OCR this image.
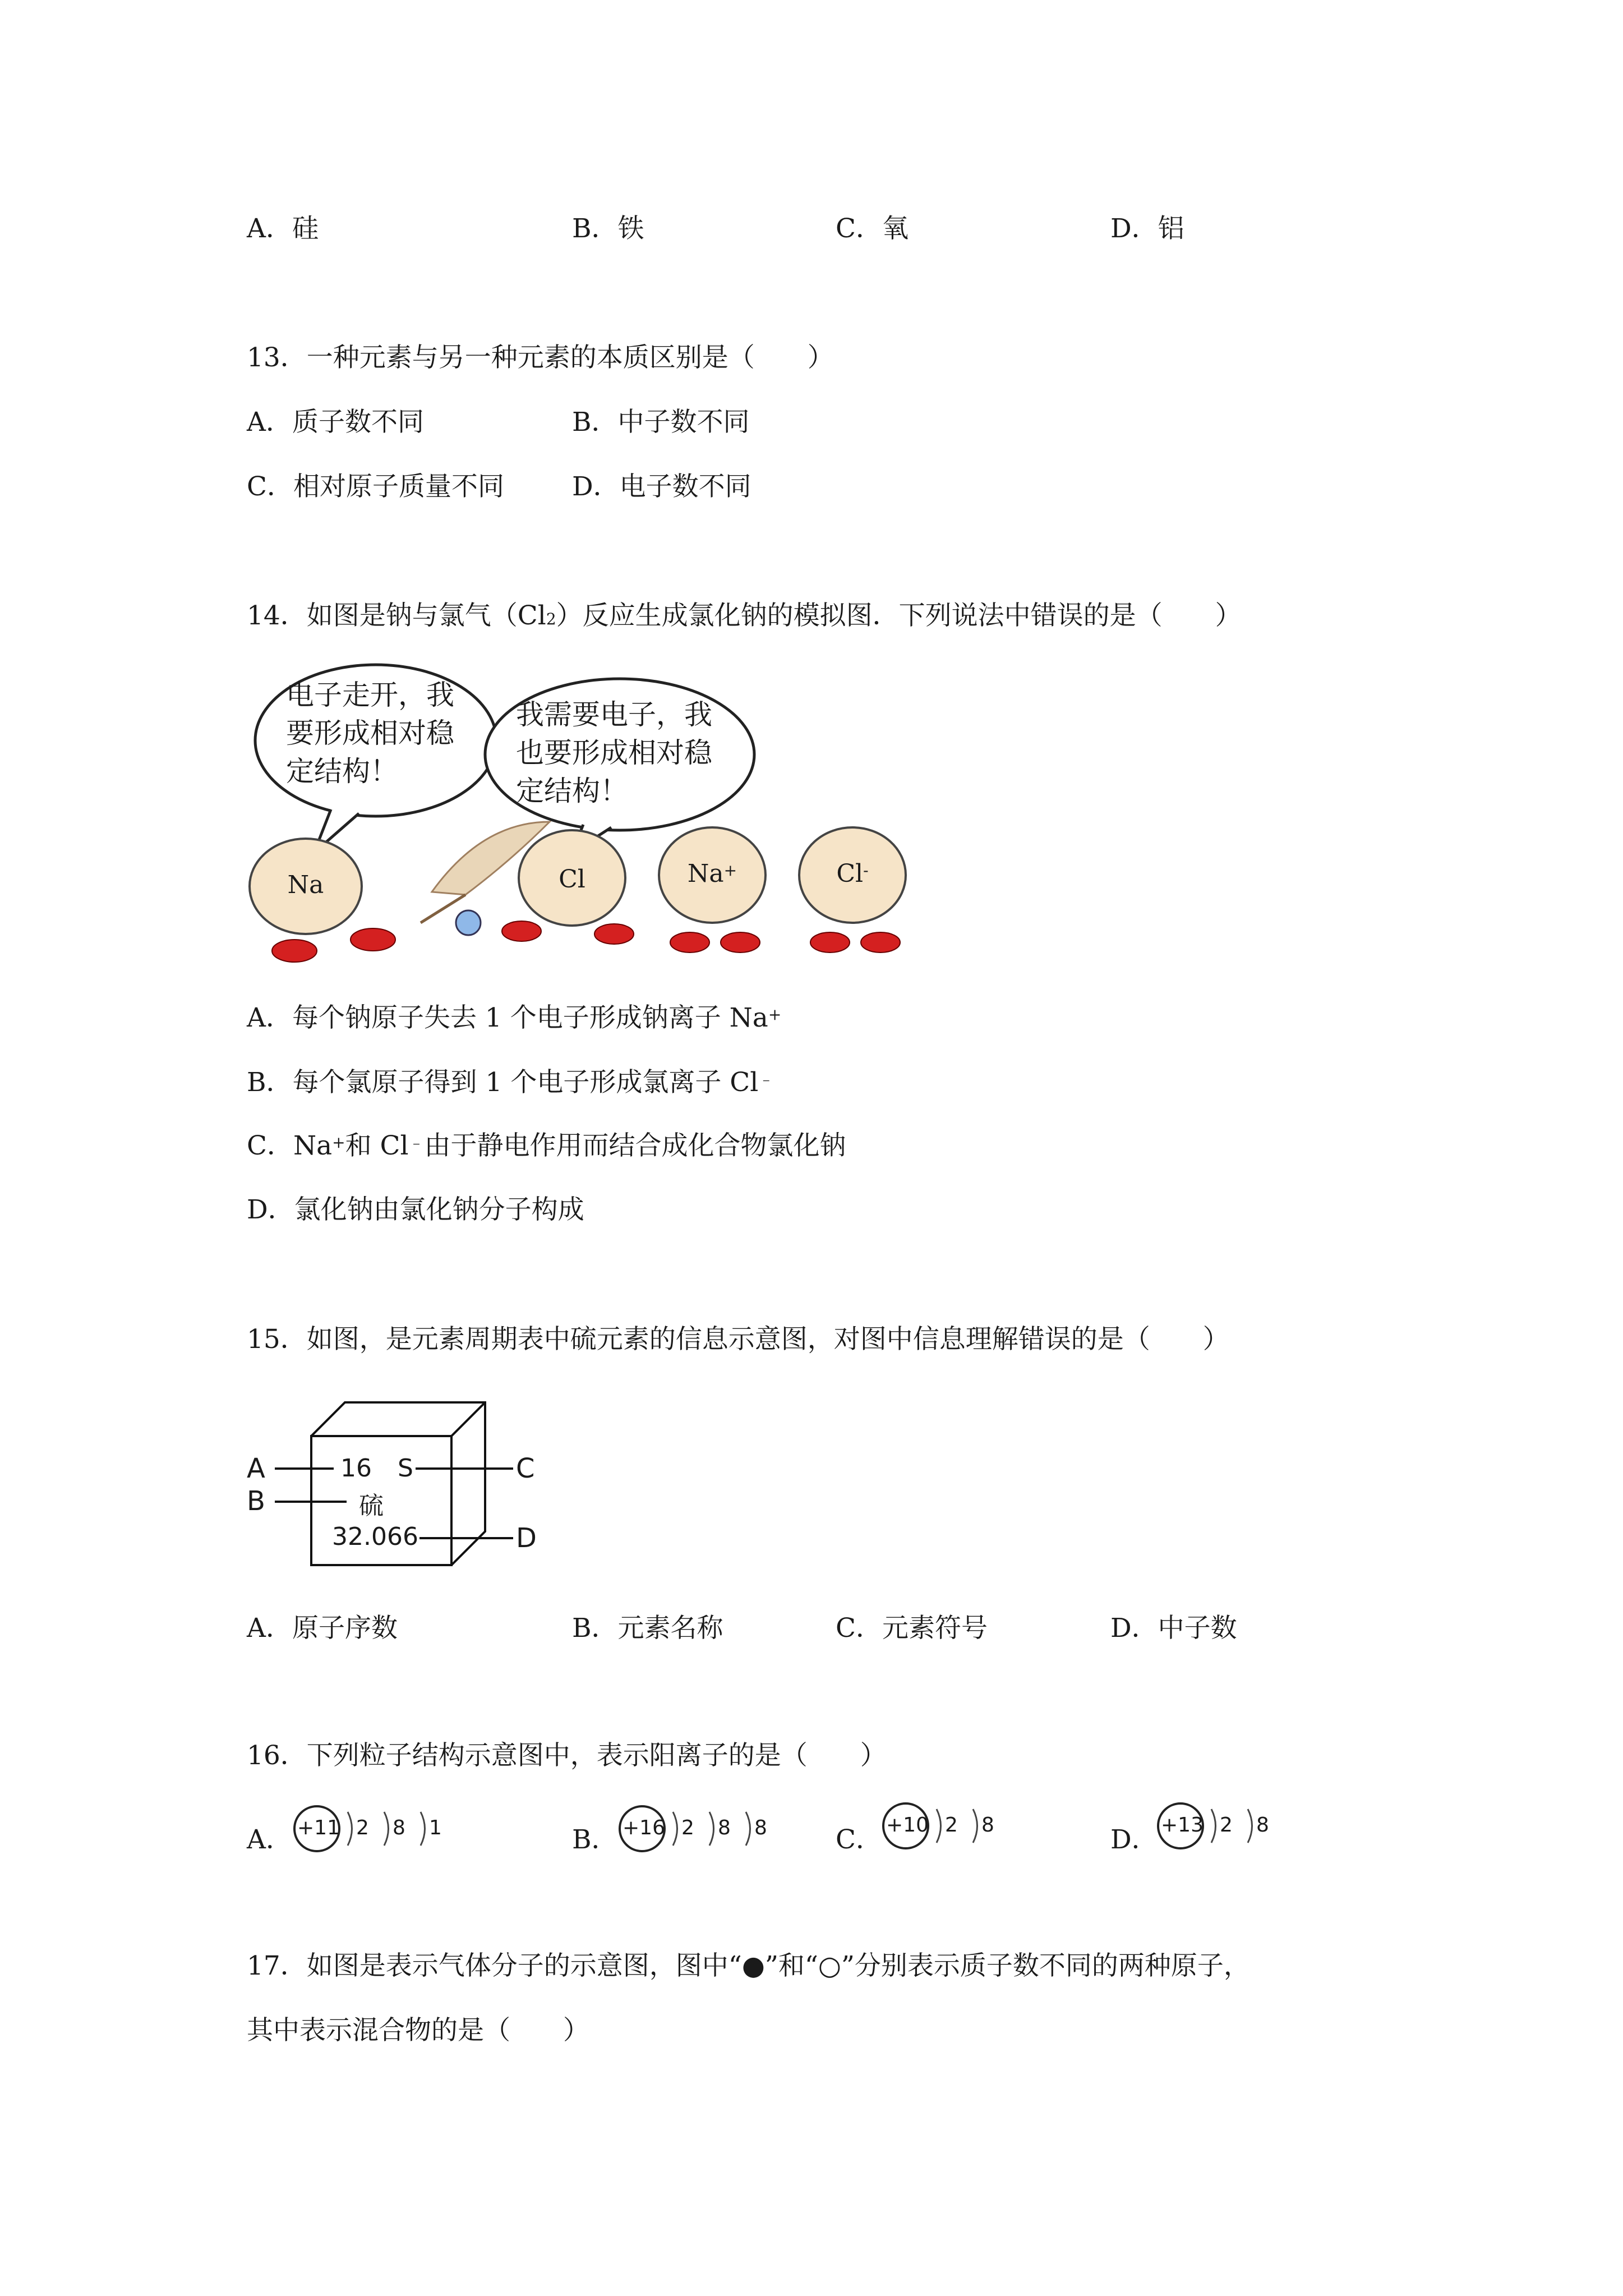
A．硅	B．铁	C．氧	D．铝
13．一种元素与另一种元素的本质区别是（　　）
A．质子数不同	B．中子数不同
C．相对原子质量不同	D．电子数不同
14．如图是钠与氯气$(Cl_2)$反应生成氯化钠的模拟图．下列说法中错误的是（　　）
电子走开，我
要形成相对稳
定结构！
我需要电子，我
也要形成相对稳
定结构！
Na	Cl	Na+	Cl-
A．每个钠原子失去 1 个电子形成钠离子 Na+
B．每个氯原子得到 1 个电子形成氯离子 Cl﹣
C．Na+和 Cl﹣由于静电作用而结合成化合物氯化钠
D．氯化钠由氯化钠分子构成
15．如图，是元素周期表中硫元素的信息示意图，对图中信息理解错误的是（　　）
A
B
C
D
16 S
硫
32.066
A．原子序数	B．元素名称	C．元素符号	D．中子数
16．下列粒子结构示意图中，表示阳离子的是（　　）
A．	B．	C．	D．
+11 2 8 1	+16 2 8 8	+10 2 8	+13 2 8
17．如图是表示气体分子的示意图，图中“●”和“○”分别表示质子数不同的两种原子，
其中表示混合物的是（　　）
